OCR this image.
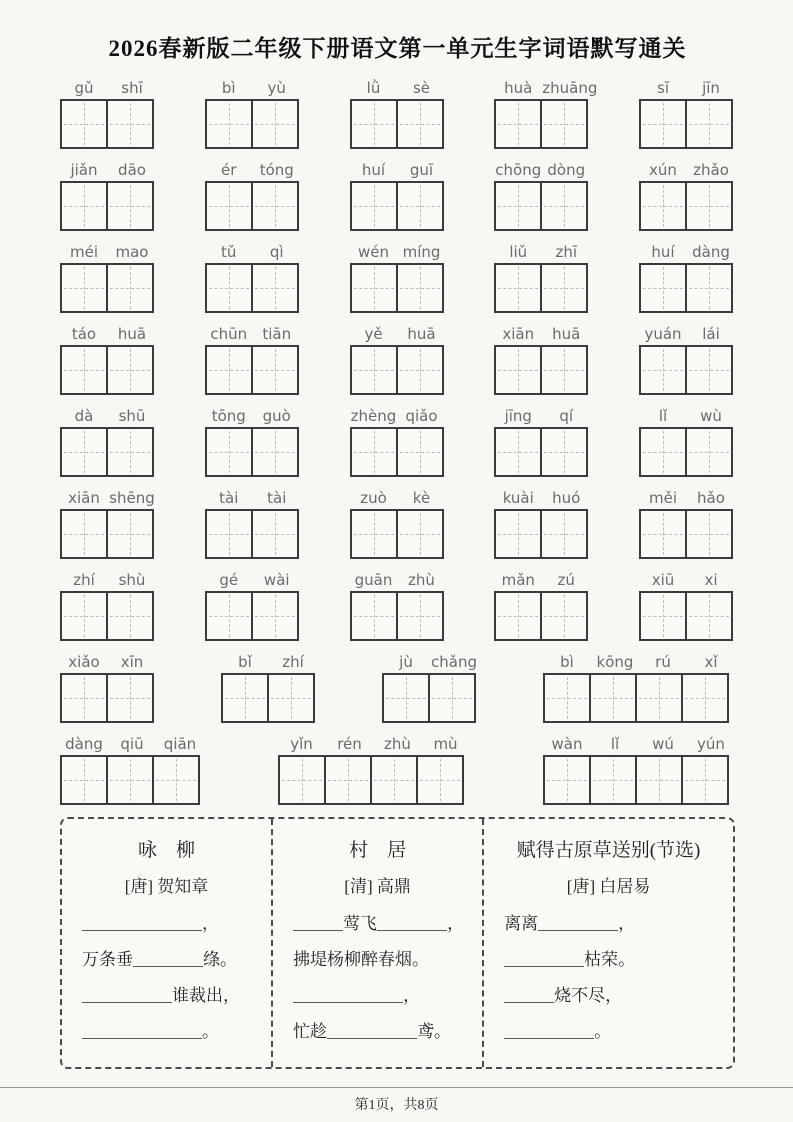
2026春新版二年级下册语文第一单元生字词语默写通关
gǔ	shī	bì	yù	lǜ	sè	huà zhuāng	sī	jīn
jiǎn	dāo	ér	tóng	huí	guī	chōng dòng	xún	zhǎo
méi	mao	tǔ	qì	wén míng	liǔ	zhī	huí	dàng
táo	huā	chūn	tiān	yě	huā	xiān	huā	yuán	lái
dà	shū	tōng	guò	zhèng qiǎo	jīng	qí	lǐ	wù
xiān shēng	tài	tài	zuò	kè	kuài	huó	měi	hǎo
zhí	shù	gé	wài	guān	zhù	mǎn	zú	xiū	xi
xiǎo	xīn	bǐ	zhí	jù	chǎng	bì	kōng	rú	xǐ
dàng	qiū	qiān	yǐn	rén	zhù	mù	wàn	lǐ	wú	yún
咏　柳
[唐] 贺知章
，
万条垂	绦。
谁裁出，
。
村　居
[清] 高鼎
莺飞	，
拂堤杨柳醉春烟。
，
忙趁	鸢。
赋得古原草送别(节选)
[唐] 白居易
离离	，
枯荣。
烧不尽，
。
第1页，共8页
